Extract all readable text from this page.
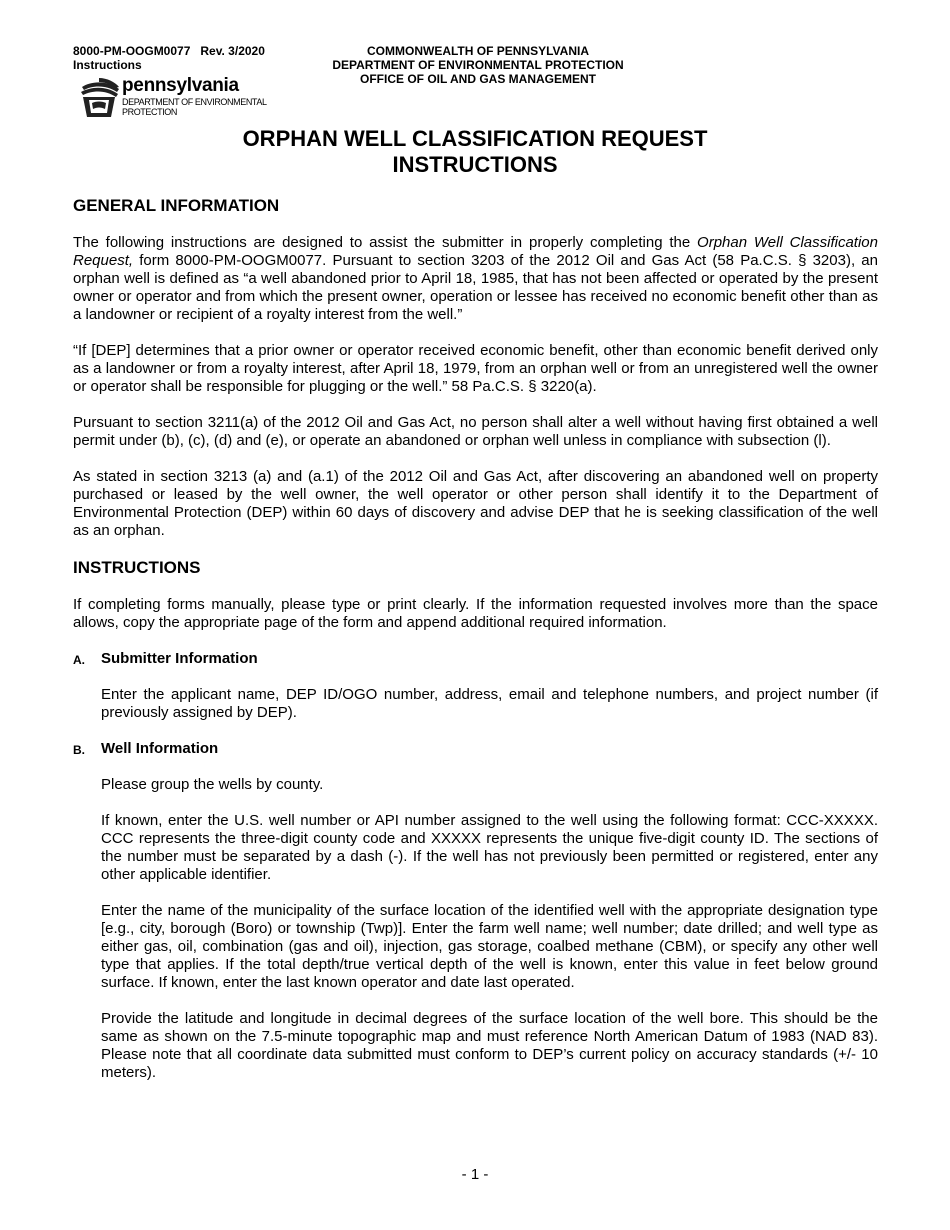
8000-PM-OOGM0077 Rev. 3/2020
Instructions
COMMONWEALTH OF PENNSYLVANIA
DEPARTMENT OF ENVIRONMENTAL PROTECTION
OFFICE OF OIL AND GAS MANAGEMENT
pennsylvania
DEPARTMENT OF ENVIRONMENTAL
PROTECTION
ORPHAN WELL CLASSIFICATION REQUEST
INSTRUCTIONS
GENERAL INFORMATION

The following instructions are designed to assist the submitter in properly completing the Orphan Well Classification Request, form 8000-PM-OOGM0077. Pursuant to section 3203 of the 2012 Oil and Gas Act (58 Pa.C.S. § 3203), an orphan well is defined as “a well abandoned prior to April 18, 1985, that has not been affected or operated by the present owner or operator and from which the present owner, operation or lessee has received no economic benefit other than as a landowner or recipient of a royalty interest from the well.”

“If [DEP] determines that a prior owner or operator received economic benefit, other than economic benefit derived only as a landowner or from a royalty interest, after April 18, 1979, from an orphan well or from an unregistered well the owner or operator shall be responsible for plugging or the well.” 58 Pa.C.S. § 3220(a).

Pursuant to section 3211(a) of the 2012 Oil and Gas Act, no person shall alter a well without having first obtained a well permit under (b), (c), (d) and (e), or operate an abandoned or orphan well unless in compliance with subsection (l).

As stated in section 3213 (a) and (a.1) of the 2012 Oil and Gas Act, after discovering an abandoned well on property purchased or leased by the well owner, the well operator or other person shall identify it to the Department of Environmental Protection (DEP) within 60 days of discovery and advise DEP that he is seeking classification of the well as an orphan.

INSTRUCTIONS

If completing forms manually, please type or print clearly. If the information requested involves more than the space allows, copy the appropriate page of the form and append additional required information.

A. Submitter Information

Enter the applicant name, DEP ID/OGO number, address, email and telephone numbers, and project number (if previously assigned by DEP).

B. Well Information

Please group the wells by county.

If known, enter the U.S. well number or API number assigned to the well using the following format: CCC-XXXXX. CCC represents the three-digit county code and XXXXX represents the unique five-digit county ID. The sections of the number must be separated by a dash (-). If the well has not previously been permitted or registered, enter any other applicable identifier.

Enter the name of the municipality of the surface location of the identified well with the appropriate designation type [e.g., city, borough (Boro) or township (Twp)]. Enter the farm well name; well number; date drilled; and well type as either gas, oil, combination (gas and oil), injection, gas storage, coalbed methane (CBM), or specify any other well type that applies. If the total depth/true vertical depth of the well is known, enter this value in feet below ground surface. If known, enter the last known operator and date last operated.

Provide the latitude and longitude in decimal degrees of the surface location of the well bore. This should be the same as shown on the 7.5-minute topographic map and must reference North American Datum of 1983 (NAD 83). Please note that all coordinate data submitted must conform to DEP’s current policy on accuracy standards (+/- 10 meters).

- 1 -
